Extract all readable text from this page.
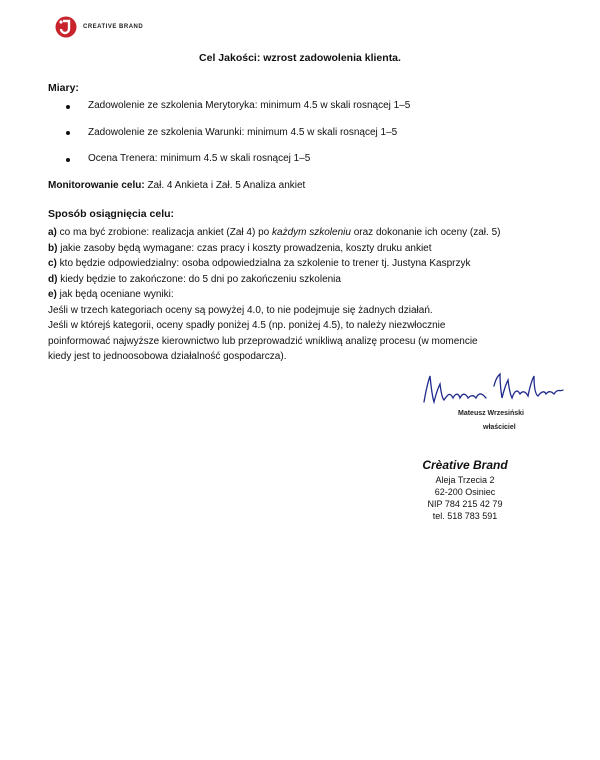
CREATIVE BRAND
Cel Jakości: wzrost zadowolenia klienta.
Miary:
Zadowolenie ze szkolenia Merytoryka: minimum 4.5 w skali rosnącej 1–5
Zadowolenie ze szkolenia Warunki: minimum 4.5 w skali rosnącej 1–5
Ocena Trenera: minimum 4.5 w skali rosnącej 1–5
Monitorowanie celu: Zał. 4 Ankieta i Zał. 5 Analiza ankiet
Sposób osiągnięcia celu:
a) co ma być zrobione: realizacja ankiet (Zał 4) po każdym szkoleniu oraz dokonanie ich oceny (zał. 5)
b) jakie zasoby będą wymagane: czas pracy i koszty prowadzenia, koszty druku ankiet
c) kto będzie odpowiedzialny: osoba odpowiedzialna za szkolenie to trener tj. Justyna Kasprzyk
d) kiedy będzie to zakończone: do 5 dni po zakończeniu szkolenia
e) jak będą oceniane wyniki:
Jeśli w trzech kategoriach oceny są powyżej 4.0, to nie podejmuje się żadnych działań.
Jeśli w którejś kategorii, oceny spadły poniżej 4.5 (np. poniżej 4.5), to należy niezwłocznie
poinformować najwyższe kierownictwo lub przeprowadzić wnikliwą analizę procesu (w momencie
kiedy jest to jednoosobowa działalność gospodarcza).
Mateusz Wrzesiński
właściciel
Crèative Brand
Aleja Trzecia 2
62-200 Osiniec
NIP 784 215 42 79
tel. 518 783 591
